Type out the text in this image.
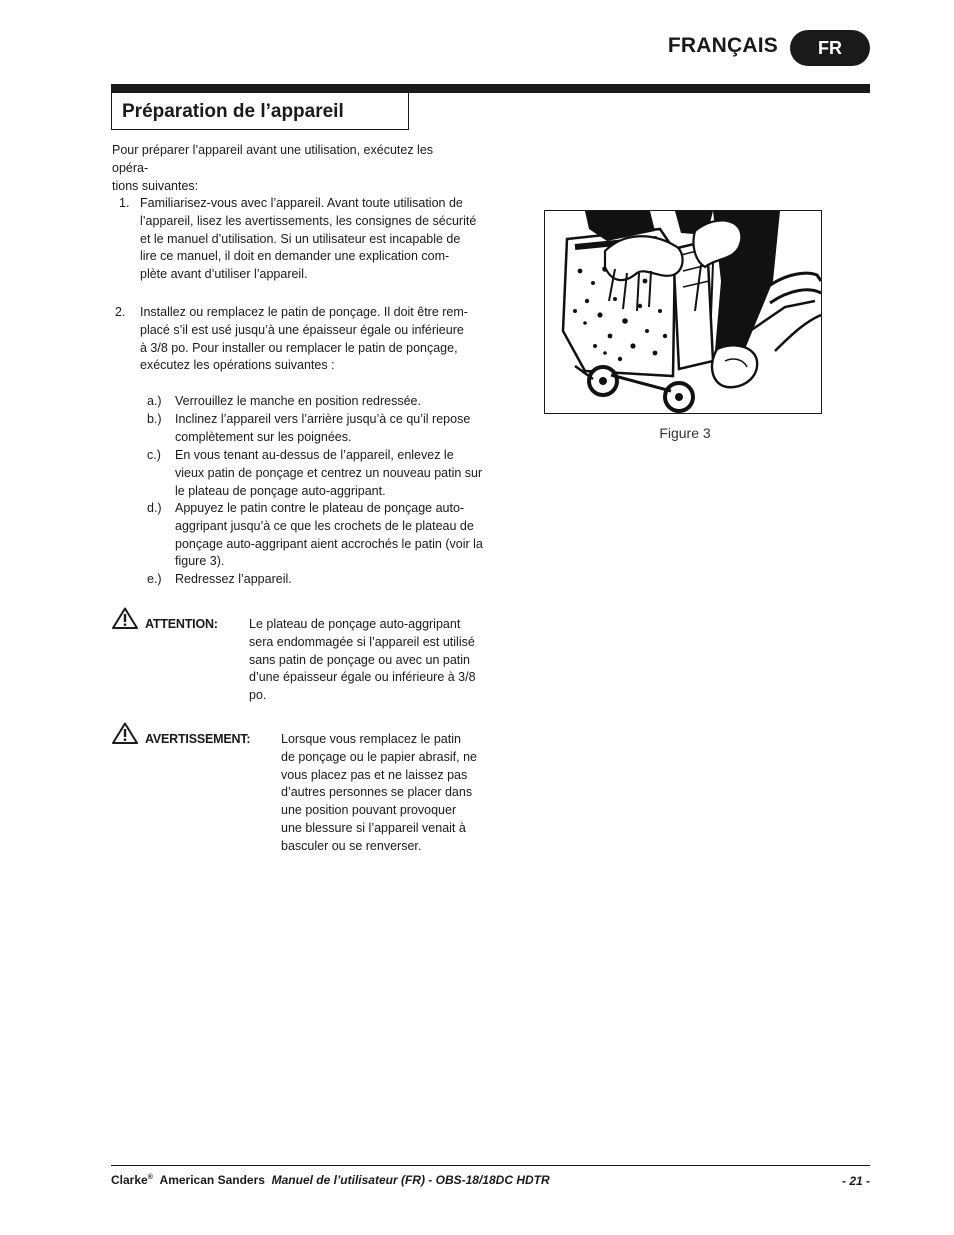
FRANÇAIS	FR
Préparation de l’appareil
Pour préparer l’appareil avant une utilisation, exécutez les opéra-
tions suivantes:
1. Familiarisez-vous avec l’appareil. Avant toute utilisation de
l’appareil, lisez les avertissements, les consignes de sécurité
et le manuel d’utilisation. Si un utilisateur est incapable de
lire ce manuel, il doit en demander une explication com-
plète avant d’utiliser l’appareil.
2. Installez ou remplacez le patin de ponçage. Il doit être rem-
placé s’il est usé jusqu’à une épaisseur égale ou inférieure
à 3/8 po. Pour installer ou remplacer le patin de ponçage,
exécutez les opérations suivantes :
a.) Verrouillez le manche en position redressée.
b.) Inclinez l’appareil vers l’arrière jusqu’à ce qu’il repose
complètement sur les poignées.
c.) En vous tenant au-dessus de l’appareil, enlevez le
vieux patin de ponçage et centrez un nouveau patin sur
le plateau de ponçage auto-aggripant.
d.) Appuyez le patin contre le plateau de ponçage auto-
aggripant jusqu’à ce que les crochets de le plateau de
ponçage auto-aggripant aient accrochés le patin (voir la
figure 3).
e.) Redressez l’appareil.
ATTENTION: Le plateau de ponçage auto-aggripant
sera endommagée si l’appareil est utilisé
sans patin de ponçage ou avec un patin
d’une épaisseur égale ou inférieure à 3/8
po.
AVERTISSEMENT: Lorsque vous remplacez le patin
de ponçage ou le papier abrasif, ne
vous placez pas et ne laissez pas
d’autres personnes se placer dans
une position pouvant provoquer
une blessure si l’appareil venait à
basculer ou se renverser.
Figure 3
Clarke® American Sanders Manuel de l’utilisateur (FR) - OBS-18/18DC HDTR	- 21 -
